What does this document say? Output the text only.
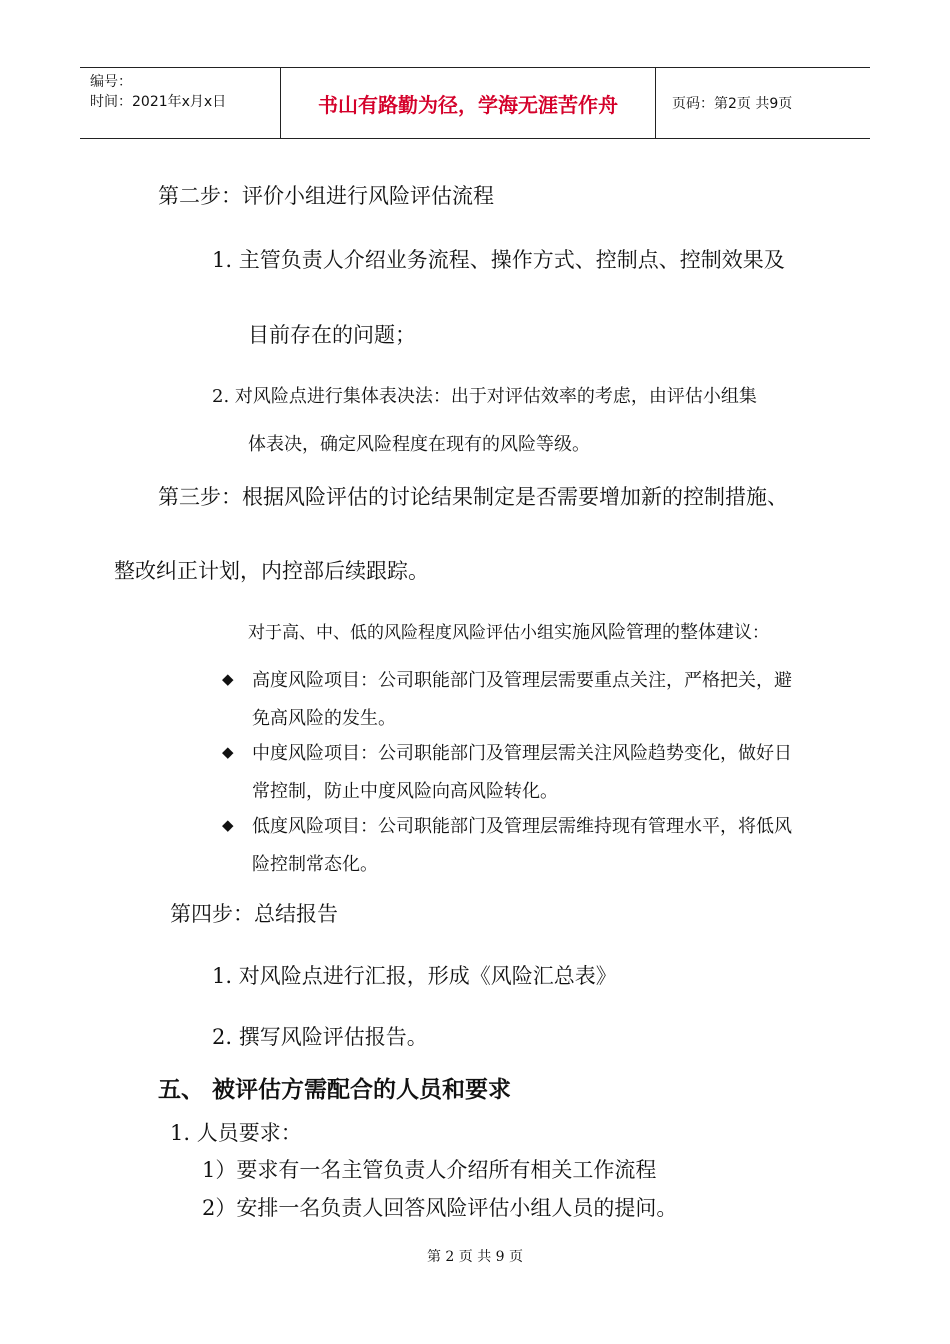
编号：
时间：2021年x月x日	书山有路勤为径，学海无涯苦作舟	页码：第2页 共9页
第二步：评价小组进行风险评估流程
1. 主管负责人介绍业务流程、操作方式、控制点、控制效果及
目前存在的问题；
2. 对风险点进行集体表决法：出于对评估效率的考虑，由评估小组集
体表决，确定风险程度在现有的风险等级。
第三步：根据风险评估的讨论结果制定是否需要增加新的控制措施、
整改纠正计划，内控部后续跟踪。
对于高、中、低的风险程度风险评估小组实施风险管理的整体建议：
◆ 高度风险项目：公司职能部门及管理层需要重点关注，严格把关，避
免高风险的发生。
◆ 中度风险项目：公司职能部门及管理层需关注风险趋势变化，做好日
常控制，防止中度风险向高风险转化。
◆ 低度风险项目：公司职能部门及管理层需维持现有管理水平，将低风
险控制常态化。
第四步：总结报告
1. 对风险点进行汇报，形成《风险汇总表》
2. 撰写风险评估报告。
五、 被评估方需配合的人员和要求
1. 人员要求：
1）要求有一名主管负责人介绍所有相关工作流程
2）安排一名负责人回答风险评估小组人员的提问。
第 2 页 共 9 页
